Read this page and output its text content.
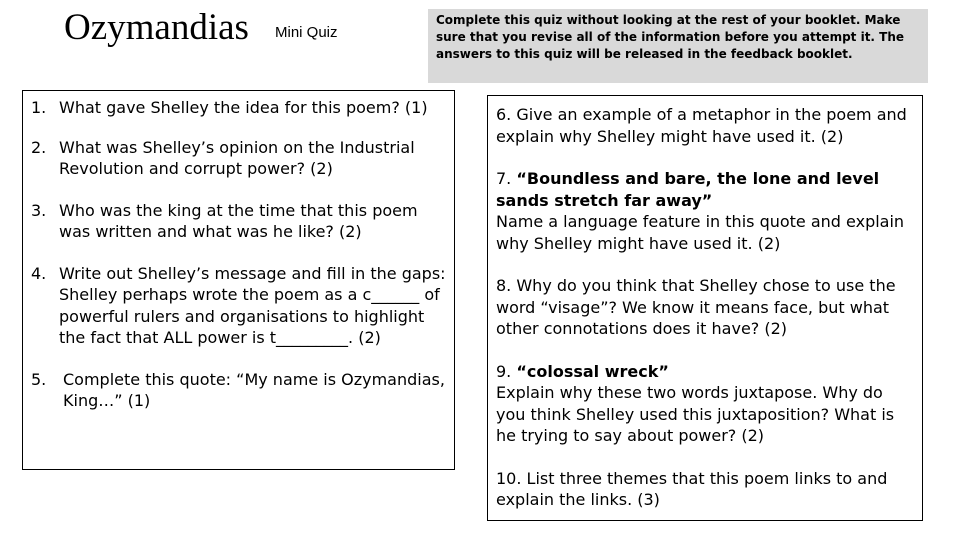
Ozymandias Mini Quiz
Complete this quiz without looking at the rest of your booklet. Make sure that you revise all of the information before you attempt it. The answers to this quiz will be released in the feedback booklet.
1. What gave Shelley the idea for this poem? (1)
2. What was Shelley’s opinion on the Industrial Revolution and corrupt power? (2)
3. Who was the king at the time that this poem was written and what was he like? (2)
4. Write out Shelley’s message and fill in the gaps: Shelley perhaps wrote the poem as a c______ of powerful rulers and organisations to highlight the fact that ALL power is t_________. (2)
5.	Complete this quote: “My name is Ozymandias, King…” (1)
6. Give an example of a metaphor in the poem and explain why Shelley might have used it. (2)
7. “Boundless and bare, the lone and level sands stretch far away”
Name a language feature in this quote and explain why Shelley might have used it. (2)
8. Why do you think that Shelley chose to use the word “visage”? We know it means face, but what other connotations does it have? (2)
9. “colossal wreck”
Explain why these two words juxtapose. Why do you think Shelley used this juxtaposition? What is he trying to say about power? (2)
10. List three themes that this poem links to and explain the links. (3)
